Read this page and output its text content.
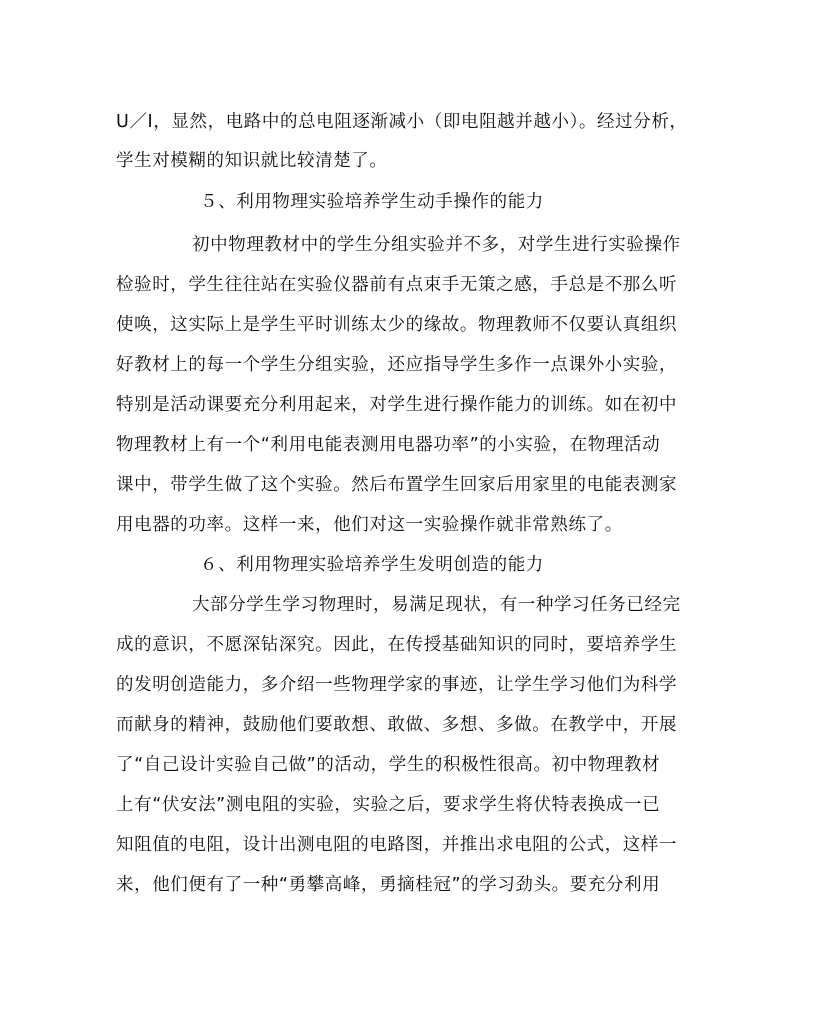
U／I，显然，电路中的总电阻逐渐减小（即电阻越并越小）。经过分析，
学生对模糊的知识就比较清楚了。
５、利用物理实验培养学生动手操作的能力
初中物理教材中的学生分组实验并不多，对学生进行实验操作
检验时，学生往往站在实验仪器前有点束手无策之感，手总是不那么听
使唤，这实际上是学生平时训练太少的缘故。物理教师不仅要认真组织
好教材上的每一个学生分组实验，还应指导学生多作一点课外小实验，
特别是活动课要充分利用起来，对学生进行操作能力的训练。如在初中
物理教材上有一个“利用电能表测用电器功率”的小实验，在物理活动
课中，带学生做了这个实验。然后布置学生回家后用家里的电能表测家
用电器的功率。这样一来，他们对这一实验操作就非常熟练了。
６、利用物理实验培养学生发明创造的能力
大部分学生学习物理时，易满足现状，有一种学习任务已经完
成的意识，不愿深钻深究。因此，在传授基础知识的同时，要培养学生
的发明创造能力，多介绍一些物理学家的事迹，让学生学习他们为科学
而献身的精神，鼓励他们要敢想、敢做、多想、多做。在教学中，开展
了“自己设计实验自己做”的活动，学生的积极性很高。初中物理教材
上有“伏安法”测电阻的实验，实验之后，要求学生将伏特表换成一已
知阻值的电阻，设计出测电阻的电路图，并推出求电阻的公式，这样一
来，他们便有了一种“勇攀高峰，勇摘桂冠”的学习劲头。要充分利用
